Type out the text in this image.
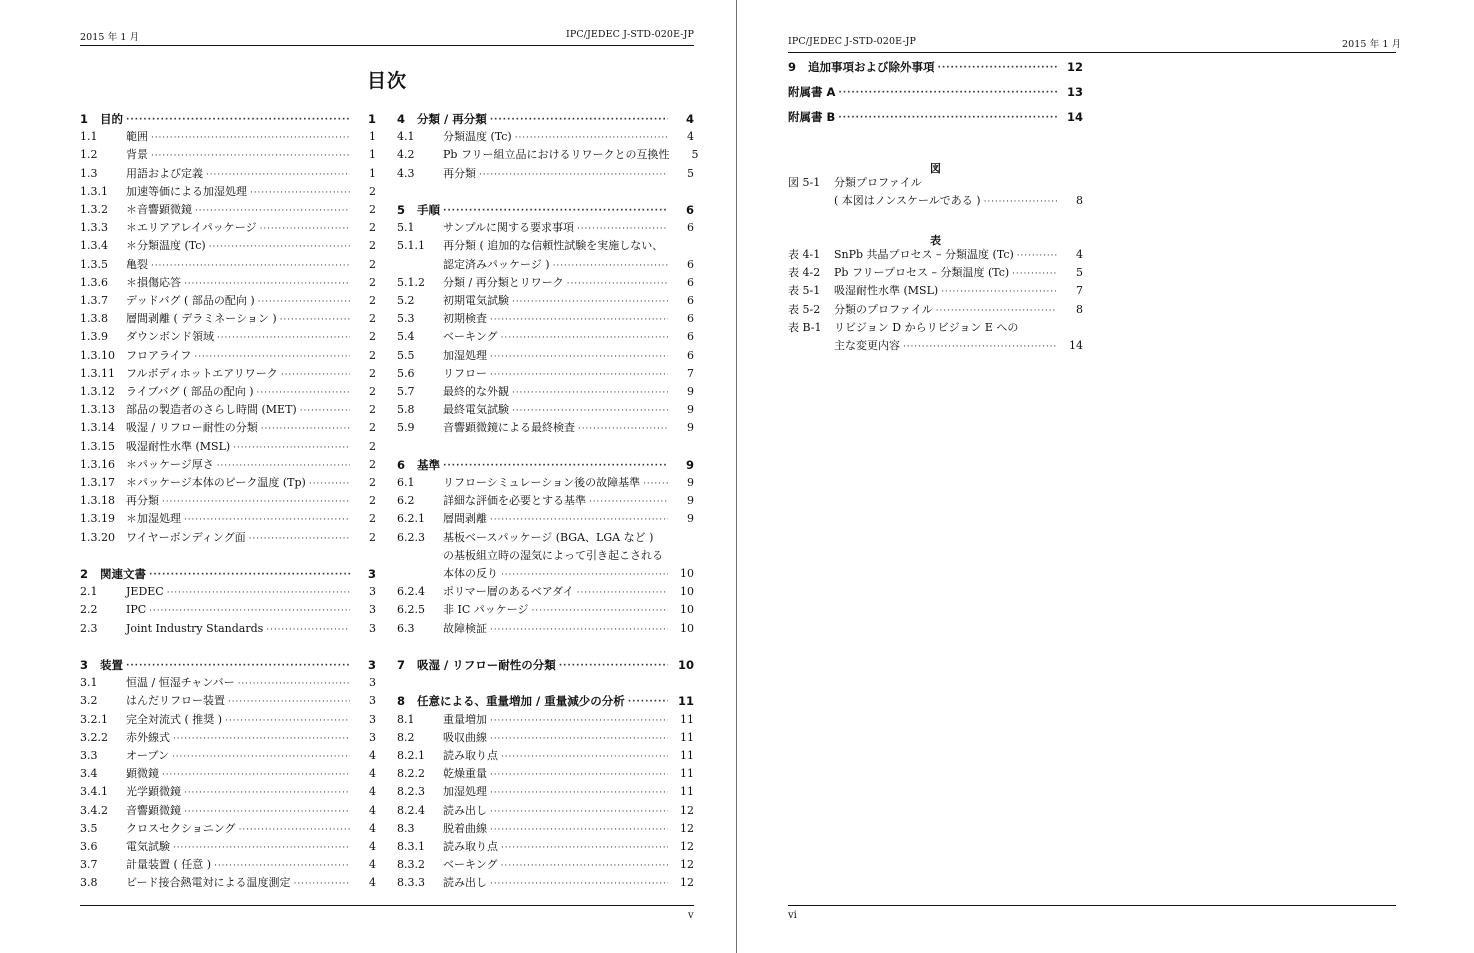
2015 年 1 月	IPC/JEDEC J-STD-020E-JP
目次
1	目的 ·····	1
1.1	範囲 ·····	1
1.2	背景 ·····	1
1.3	用語および定義 ·····	1
1.3.1	加速等価による加湿処理 ·····	2
1.3.2	＊音響顕微鏡 ·····	2
1.3.3	＊エリアアレイパッケージ ·····	2
1.3.4	＊分類温度 (Tc) ·····	2
1.3.5	亀裂 ·····	2
1.3.6	＊損傷応答 ·····	2
1.3.7	デッドバグ ( 部品の配向 ) ·····	2
1.3.8	層間剥離 ( デラミネーション ) ·····	2
1.3.9	ダウンボンド領域 ·····	2
1.3.10	フロアライフ ·····	2
1.3.11	フルボディホットエアリワーク ·····	2
1.3.12	ライブバグ ( 部品の配向 ) ·····	2
1.3.13	部品の製造者のさらし時間 (MET) ·····	2
1.3.14	吸湿 / リフロー耐性の分類 ·····	2
1.3.15	吸湿耐性水準 (MSL) ·····	2
1.3.16	＊パッケージ厚さ ·····	2
1.3.17	＊パッケージ本体のピーク温度 (Tp) ·····	2
1.3.18	再分類 ·····	2
1.3.19	＊加湿処理 ·····	2
1.3.20	ワイヤーボンディング面 ·····	2
2	関連文書 ·····	3
2.1	JEDEC ·····	3
2.2	IPC ·····	3
2.3	Joint Industry Standards ·····	3
3	装置 ·····	3
3.1	恒温 / 恒湿チャンバー ·····	3
3.2	はんだリフロー装置 ·····	3
3.2.1	完全対流式 ( 推奨 ) ·····	3
3.2.2	赤外線式 ·····	3
3.3	オーブン ·····	4
3.4	顕微鏡 ·····	4
3.4.1	光学顕微鏡 ·····	4
3.4.2	音響顕微鏡 ·····	4
3.5	クロスセクショニング ·····	4
3.6	電気試験 ·····	4
3.7	計量装置 ( 任意 ) ·····	4
3.8	ビード接合熱電対による温度測定 ·····	4
4	分類 / 再分類 ·····	4
4.1	分類温度 (Tc) ·····	4
4.2	Pb フリー組立品におけるリワークとの互換性	5
4.3	再分類 ·····	5
5	手順 ·····	6
5.1	サンプルに関する要求事項 ·····	6
5.1.1	再分類 ( 追加的な信頼性試験を実施しない、
認定済みパッケージ ) ·····	6
5.1.2	分類 / 再分類とリワーク ·····	6
5.2	初期電気試験 ·····	6
5.3	初期検査 ·····	6
5.4	ベーキング ·····	6
5.5	加湿処理 ·····	6
5.6	リフロー ·····	7
5.7	最終的な外観 ·····	9
5.8	最終電気試験 ·····	9
5.9	音響顕微鏡による最終検査 ·····	9
6	基準 ·····	9
6.1	リフローシミュレーション後の故障基準 ·····	9
6.2	詳細な評価を必要とする基準 ·····	9
6.2.1	層間剥離 ·····	9
6.2.3	基板ベースパッケージ (BGA、LGA など )
の基板組立時の湿気によって引き起こされる
本体の反り ·····	10
6.2.4	ポリマー層のあるベアダイ ·····	10
6.2.5	非 IC パッケージ ·····	10
6.3	故障検証 ·····	10
7	吸湿 / リフロー耐性の分類 ·····	10
8	任意による、重量増加 / 重量減少の分析 ·····	11
8.1	重量増加 ·····	11
8.2	吸収曲線 ·····	11
8.2.1	読み取り点 ·····	11
8.2.2	乾燥重量 ·····	11
8.2.3	加湿処理 ·····	11
8.2.4	読み出し ·····	12
8.3	脱着曲線 ·····	12
8.3.1	読み取り点 ·····	12
8.3.2	ベーキング ·····	12
8.3.3	読み出し ·····	12
v
IPC/JEDEC J-STD-020E-JP	2015 年 1 月
9	追加事項および除外事項 ·····	12
附属書 A ·····	13
附属書 B ·····	14
図
図 5-1	分類プロファイル
( 本図はノンスケールである ) ·····	8
表
表 4-1	SnPb 共晶プロセス – 分類温度 (Tc) ·····	4
表 4-2	Pb フリープロセス – 分類温度 (Tc) ·····	5
表 5-1	吸湿耐性水準 (MSL) ·····	7
表 5-2	分類のプロファイル ·····	8
表 B-1	リビジョン D からリビジョン E への
主な変更内容 ·····	14
vi
